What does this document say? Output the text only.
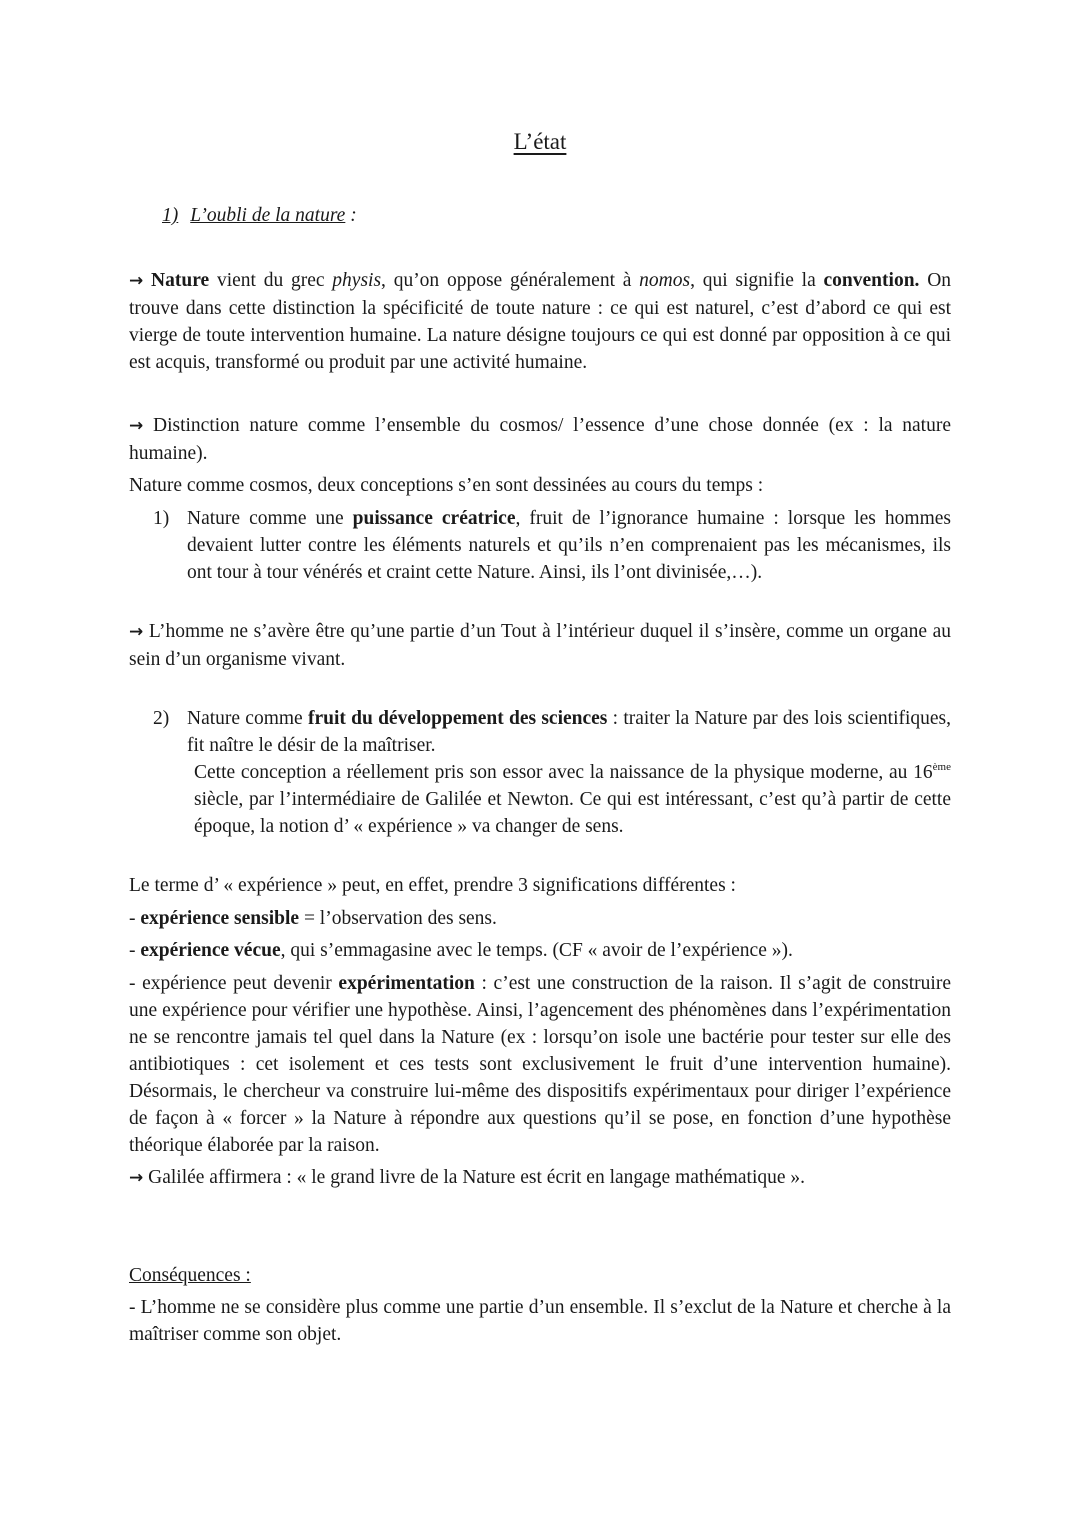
L’état
1) L’oubli de la nature :

→ Nature vient du grec physis, qu’on oppose généralement à nomos, qui signifie la convention. On trouve dans cette distinction la spécificité de toute nature : ce qui est naturel, c’est d’abord ce qui est vierge de toute intervention humaine. La nature désigne toujours ce qui est donné par opposition à ce qui est acquis, transformé ou produit par une activité humaine.

→ Distinction nature comme l’ensemble du cosmos/ l’essence d’une chose donnée (ex : la nature humaine).

Nature comme cosmos, deux conceptions s’en sont dessinées au cours du temps :
1) Nature comme une puissance créatrice, fruit de l’ignorance humaine : lorsque les hommes devaient lutter contre les éléments naturels et qu’ils n’en comprenaient pas les mécanismes, ils ont tour à tour vénérés et craint cette Nature. Ainsi, ils l’ont divinisée,…).

→ L’homme ne s’avère être qu’une partie d’un Tout à l’intérieur duquel il s’insère, comme un organe au sein d’un organisme vivant.

2) Nature comme fruit du développement des sciences : traiter la Nature par des lois scientifiques, fit naître le désir de la maîtriser.
Cette conception a réellement pris son essor avec la naissance de la physique moderne, au 16ème siècle, par l’intermédiaire de Galilée et Newton. Ce qui est intéressant, c’est qu’à partir de cette époque, la notion d’ « expérience » va changer de sens.
Le terme d’ « expérience » peut, en effet, prendre 3 significations différentes :
- expérience sensible = l’observation des sens.
- expérience vécue, qui s’emmagasine avec le temps. (CF « avoir de l’expérience »).
- expérience peut devenir expérimentation : c’est une construction de la raison. Il s’agit de construire une expérience pour vérifier une hypothèse. Ainsi, l’agencement des phénomènes dans l’expérimentation ne se rencontre jamais tel quel dans la Nature (ex : lorsqu’on isole une bactérie pour tester sur elle des antibiotiques : cet isolement et ces tests sont exclusivement le fruit d’une intervention humaine). Désormais, le chercheur va construire lui-même des dispositifs expérimentaux pour diriger l’expérience de façon à « forcer » la Nature à répondre aux questions qu’il se pose, en fonction d’une hypothèse théorique élaborée par la raison.

→ Galilée affirmera : « le grand livre de la Nature est écrit en langage mathématique ».

Conséquences :
- L’homme ne se considère plus comme une partie d’un ensemble. Il s’exclut de la Nature et cherche à la maîtriser comme son objet.
